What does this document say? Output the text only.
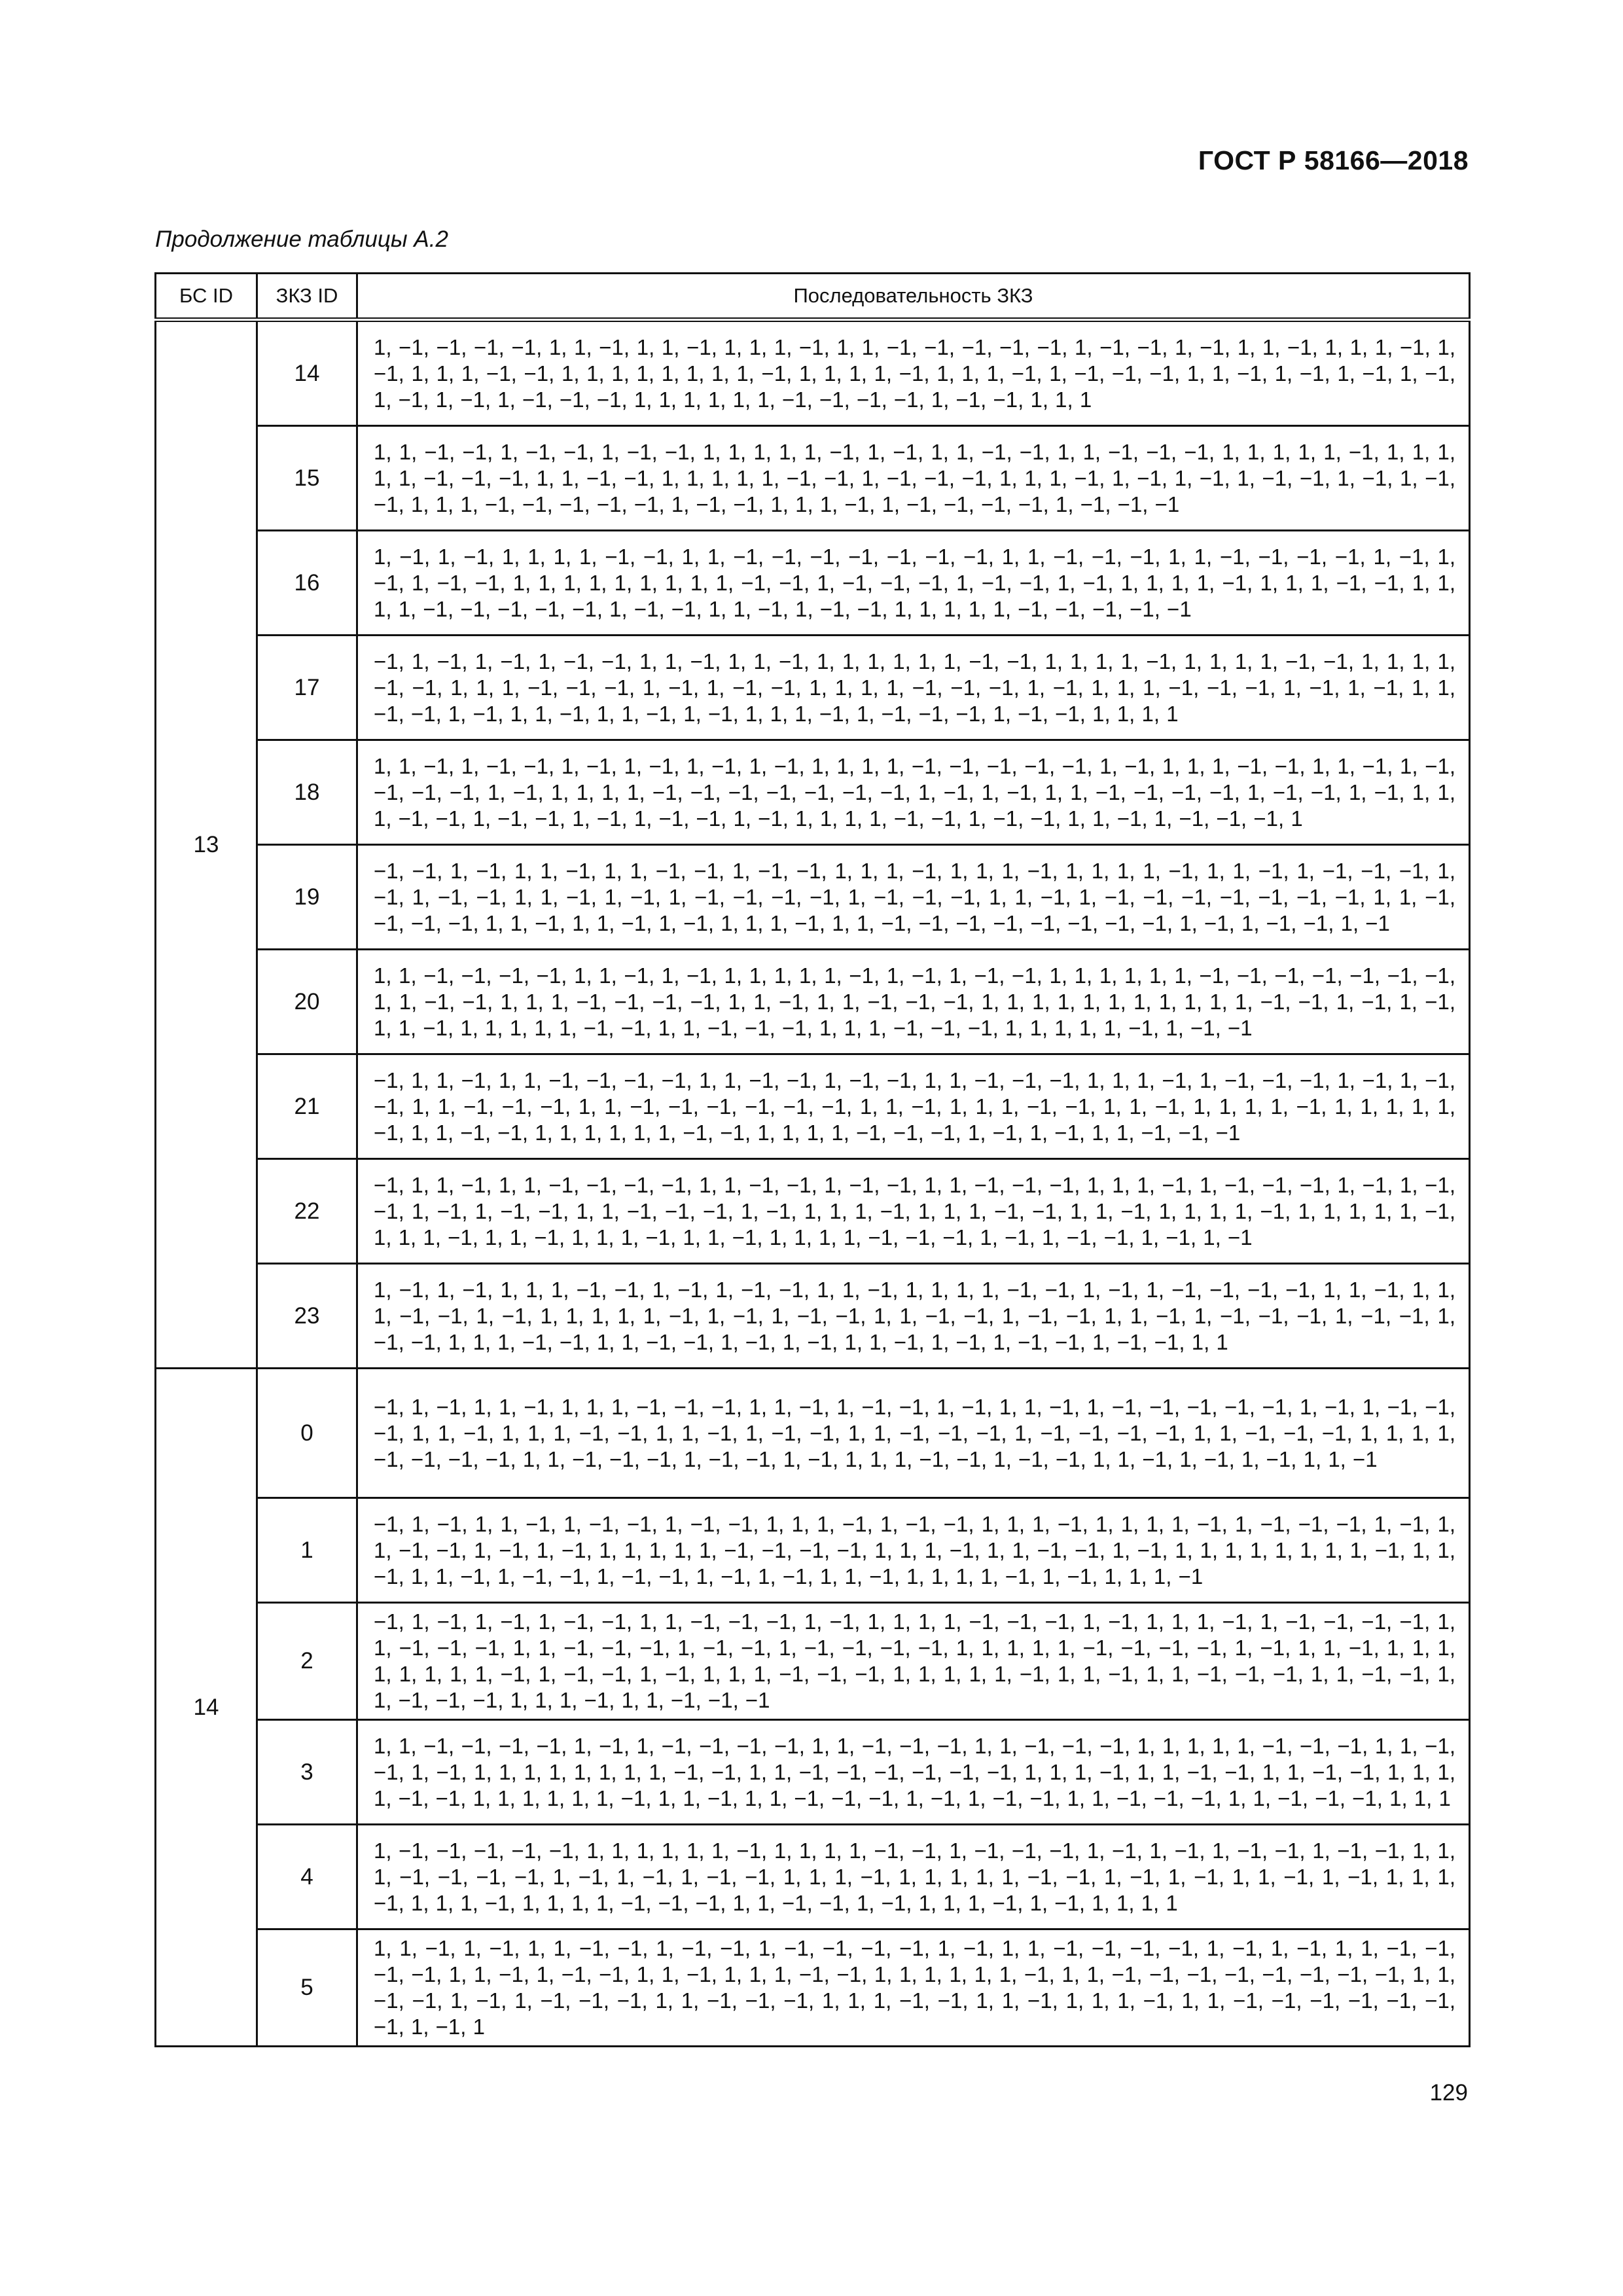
ГОСТ Р 58166—2018
Продолжение таблицы А.2
БС ID	ЗКЗ ID	Последовательность ЗКЗ
13	14	1, −1, −1, −1, −1, 1, 1, −1, 1, 1, −1, 1, 1, 1, −1, 1, 1, −1, −1, −1, −1, −1, 1, −1, −1, 1, −1, 1, 1, −1, 1, 1, 1, −1, 1, −1, 1, 1, 1, −1, −1, 1, 1, 1, 1, 1, 1, 1, 1, −1, 1, 1, 1, 1, −1, 1, 1, 1, −1, 1, −1, −1, −1, 1, 1, −1, 1, −1, 1, −1, 1, −1, 1, −1, 1, −1, 1, −1, −1, −1, 1, 1, 1, 1, 1, 1, −1, −1, −1, −1, 1, −1, −1, 1, 1, 1
	15	1, 1, −1, −1, 1, −1, −1, 1, −1, −1, 1, 1, 1, 1, 1, −1, 1, −1, 1, 1, −1, −1, 1, 1, −1, −1, −1, 1, 1, 1, 1, 1, −1, 1, 1, 1, 1, 1, −1, −1, −1, 1, 1, −1, −1, 1, 1, 1, 1, 1, −1, −1, 1, −1, −1, −1, 1, 1, 1, −1, 1, −1, 1, −1, 1, −1, −1, 1, −1, 1, −1, −1, 1, 1, 1, −1, −1, −1, −1, −1, 1, −1, −1, 1, 1, 1, −1, 1, −1, −1, −1, −1, 1, −1, −1, −1
	16	1, −1, 1, −1, 1, 1, 1, 1, −1, −1, 1, 1, −1, −1, −1, −1, −1, −1, −1, 1, 1, −1, −1, −1, 1, 1, −1, −1, −1, −1, 1, −1, 1, −1, 1, −1, −1, 1, 1, 1, 1, 1, 1, 1, 1, 1, −1, −1, 1, −1, −1, −1, 1, −1, −1, 1, −1, 1, 1, 1, 1, −1, 1, 1, 1, −1, −1, 1, 1, 1, 1, −1, −1, −1, −1, −1, 1, −1, −1, 1, 1, −1, 1, −1, −1, 1, 1, 1, 1, 1, −1, −1, −1, −1, −1
	17	−1, 1, −1, 1, −1, 1, −1, −1, 1, 1, −1, 1, 1, −1, 1, 1, 1, 1, 1, 1, −1, −1, 1, 1, 1, 1, −1, 1, 1, 1, 1, −1, −1, 1, 1, 1, 1, −1, −1, 1, 1, 1, −1, −1, −1, 1, −1, 1, −1, −1, 1, 1, 1, 1, −1, −1, −1, 1, −1, 1, 1, 1, −1, −1, −1, 1, −1, 1, −1, 1, 1, −1, −1, 1, −1, 1, 1, −1, 1, 1, −1, 1, −1, 1, 1, 1, −1, 1, −1, −1, −1, 1, −1, −1, 1, 1, 1, 1
	18	1, 1, −1, 1, −1, −1, 1, −1, 1, −1, 1, −1, 1, −1, 1, 1, 1, 1, −1, −1, −1, −1, −1, 1, −1, 1, 1, 1, −1, −1, 1, 1, −1, 1, −1, −1, −1, −1, 1, −1, 1, 1, 1, 1, −1, −1, −1, −1, −1, −1, −1, 1, −1, 1, −1, 1, 1, −1, −1, −1, −1, 1, −1, −1, 1, −1, 1, 1, 1, −1, −1, 1, −1, −1, 1, −1, 1, −1, −1, 1, −1, 1, 1, 1, 1, −1, −1, 1, −1, −1, 1, 1, −1, 1, −1, −1, −1, 1
	19	−1, −1, 1, −1, 1, 1, −1, 1, 1, −1, −1, 1, −1, −1, 1, 1, 1, −1, 1, 1, 1, −1, 1, 1, 1, 1, −1, 1, 1, −1, 1, −1, −1, −1, 1, −1, 1, −1, −1, 1, 1, −1, 1, −1, 1, −1, −1, −1, −1, 1, −1, −1, −1, 1, 1, −1, 1, −1, −1, −1, −1, −1, −1, −1, 1, 1, −1, −1, −1, −1, 1, 1, −1, 1, 1, −1, 1, −1, 1, 1, 1, −1, 1, 1, −1, −1, −1, −1, −1, −1, −1, −1, 1, −1, 1, −1, −1, 1, −1
	20	1, 1, −1, −1, −1, −1, 1, 1, −1, 1, −1, 1, 1, 1, 1, 1, −1, 1, −1, 1, −1, −1, 1, 1, 1, 1, 1, 1, −1, −1, −1, −1, −1, −1, −1, 1, 1, −1, −1, 1, 1, 1, −1, −1, −1, −1, 1, 1, −1, 1, 1, −1, −1, −1, 1, 1, 1, 1, 1, 1, 1, 1, 1, 1, 1, −1, −1, 1, −1, 1, −1, 1, 1, −1, 1, 1, 1, 1, 1, −1, −1, 1, 1, −1, −1, −1, 1, 1, 1, −1, −1, −1, 1, 1, 1, 1, 1, −1, 1, −1, −1
	21	−1, 1, 1, −1, 1, 1, −1, −1, −1, −1, 1, 1, −1, −1, 1, −1, −1, 1, 1, −1, −1, −1, 1, 1, 1, −1, 1, −1, −1, −1, 1, −1, 1, −1, −1, 1, 1, −1, −1, −1, 1, 1, −1, −1, −1, −1, −1, −1, 1, 1, −1, 1, 1, 1, −1, −1, 1, 1, −1, 1, 1, 1, 1, −1, 1, 1, 1, 1, 1, −1, 1, 1, −1, −1, 1, 1, 1, 1, 1, 1, −1, −1, 1, 1, 1, 1, −1, −1, −1, 1, −1, 1, −1, 1, 1, −1, −1, −1
	22	−1, 1, 1, −1, 1, 1, −1, −1, −1, −1, 1, 1, −1, −1, 1, −1, −1, 1, 1, −1, −1, −1, 1, 1, 1, −1, 1, −1, −1, −1, 1, −1, 1, −1, −1, 1, −1, 1, −1, −1, 1, 1, −1, −1, −1, 1, −1, 1, 1, 1, −1, 1, 1, 1, −1, −1, 1, 1, −1, 1, 1, 1, 1, −1, 1, 1, 1, 1, 1, −1, 1, 1, 1, −1, 1, 1, −1, 1, 1, 1, −1, 1, 1, −1, 1, 1, 1, 1, −1, −1, −1, 1, −1, 1, −1, −1, 1, −1, 1, −1
	23	1, −1, 1, −1, 1, 1, 1, −1, −1, 1, −1, 1, −1, −1, 1, 1, −1, 1, 1, 1, 1, −1, −1, 1, −1, 1, −1, −1, −1, −1, 1, 1, −1, 1, 1, 1, −1, −1, 1, −1, 1, 1, 1, 1, 1, −1, 1, −1, 1, −1, −1, 1, 1, −1, −1, 1, −1, −1, 1, 1, −1, 1, −1, −1, −1, 1, −1, −1, 1, −1, −1, 1, 1, 1, −1, −1, 1, 1, −1, −1, 1, −1, 1, −1, 1, 1, −1, 1, −1, 1, −1, −1, 1, −1, −1, 1, 1
14	0	−1, 1, −1, 1, 1, −1, 1, 1, 1, −1, −1, −1, 1, 1, −1, 1, −1, −1, 1, −1, 1, 1, −1, 1, −1, −1, −1, −1, −1, 1, −1, 1, −1, −1, −1, 1, 1, −1, 1, 1, 1, −1, −1, 1, 1, −1, 1, −1, −1, 1, 1, −1, −1, −1, 1, −1, −1, −1, −1, 1, 1, −1, −1, −1, 1, 1, 1, 1, −1, −1, −1, −1, 1, 1, −1, −1, −1, 1, −1, −1, 1, −1, 1, 1, 1, −1, −1, 1, −1, −1, 1, 1, −1, 1, −1, 1, −1, 1, 1, −1
	1	−1, 1, −1, 1, 1, −1, 1, −1, −1, 1, −1, −1, 1, 1, 1, −1, 1, −1, −1, 1, 1, 1, −1, 1, 1, 1, 1, −1, 1, −1, −1, −1, 1, −1, 1, 1, −1, −1, 1, −1, 1, −1, 1, 1, 1, 1, 1, −1, −1, −1, −1, 1, 1, 1, −1, 1, 1, −1, −1, 1, −1, 1, 1, 1, 1, 1, 1, 1, 1, −1, 1, 1, −1, 1, 1, −1, 1, −1, −1, 1, −1, −1, 1, −1, 1, −1, 1, 1, −1, 1, 1, 1, 1, −1, 1, −1, 1, 1, 1, −1
	2	−1, 1, −1, 1, −1, 1, −1, −1, 1, 1, −1, −1, −1, 1, −1, 1, 1, 1, 1, −1, −1, −1, 1, −1, 1, 1, 1, −1, 1, −1, −1, −1, −1, 1, 1, −1, −1, −1, 1, 1, −1, −1, −1, 1, −1, −1, 1, −1, −1, −1, −1, 1, 1, 1, 1, 1, −1, −1, −1, −1, 1, −1, 1, 1, −1, 1, 1, 1, 1, 1, 1, 1, 1, −1, 1, −1, −1, 1, −1, 1, 1, 1, −1, −1, −1, 1, 1, 1, 1, 1, −1, 1, 1, −1, 1, 1, −1, −1, −1, 1, 1, −1, −1, 1, 1, −1, −1, −1, 1, 1, 1, −1, 1, 1, −1, −1, −1
	3	1, 1, −1, −1, −1, −1, 1, −1, 1, −1, −1, −1, −1, 1, 1, −1, −1, −1, 1, 1, −1, −1, −1, 1, 1, 1, 1, 1, −1, −1, −1, 1, 1, −1, −1, 1, −1, 1, 1, 1, 1, 1, 1, 1, 1, −1, −1, 1, 1, −1, −1, −1, −1, −1, −1, 1, 1, 1, −1, 1, 1, −1, −1, 1, 1, −1, −1, 1, 1, 1, 1, −1, −1, 1, 1, 1, 1, 1, 1, −1, 1, 1, −1, 1, 1, −1, −1, −1, 1, −1, 1, −1, −1, 1, 1, −1, −1, −1, 1, 1, −1, −1, −1, 1, 1, 1
	4	1, −1, −1, −1, −1, −1, 1, 1, 1, 1, 1, 1, −1, 1, 1, 1, 1, −1, −1, 1, −1, −1, −1, 1, −1, 1, −1, 1, −1, −1, 1, −1, −1, 1, 1, 1, −1, −1, −1, −1, 1, −1, 1, −1, 1, −1, −1, 1, 1, 1, −1, 1, 1, 1, 1, 1, −1, −1, 1, −1, 1, −1, 1, 1, −1, 1, −1, 1, 1, 1, −1, 1, 1, 1, −1, 1, 1, 1, 1, −1, −1, −1, 1, 1, −1, −1, 1, −1, 1, 1, 1, −1, 1, −1, 1, 1, 1, 1
	5	1, 1, −1, 1, −1, 1, 1, −1, −1, 1, −1, −1, 1, −1, −1, −1, −1, 1, −1, 1, 1, −1, −1, −1, −1, 1, −1, 1, −1, 1, 1, −1, −1, −1, −1, 1, 1, −1, 1, −1, −1, 1, 1, −1, 1, 1, 1, −1, −1, 1, 1, 1, 1, 1, 1, −1, 1, 1, −1, −1, −1, −1, −1, −1, −1, −1, 1, 1, −1, −1, 1, −1, 1, −1, −1, −1, 1, 1, −1, −1, −1, 1, 1, 1, −1, −1, 1, 1, −1, 1, 1, 1, −1, 1, 1, −1, −1, −1, −1, −1, −1, −1, 1, −1, 1
129
